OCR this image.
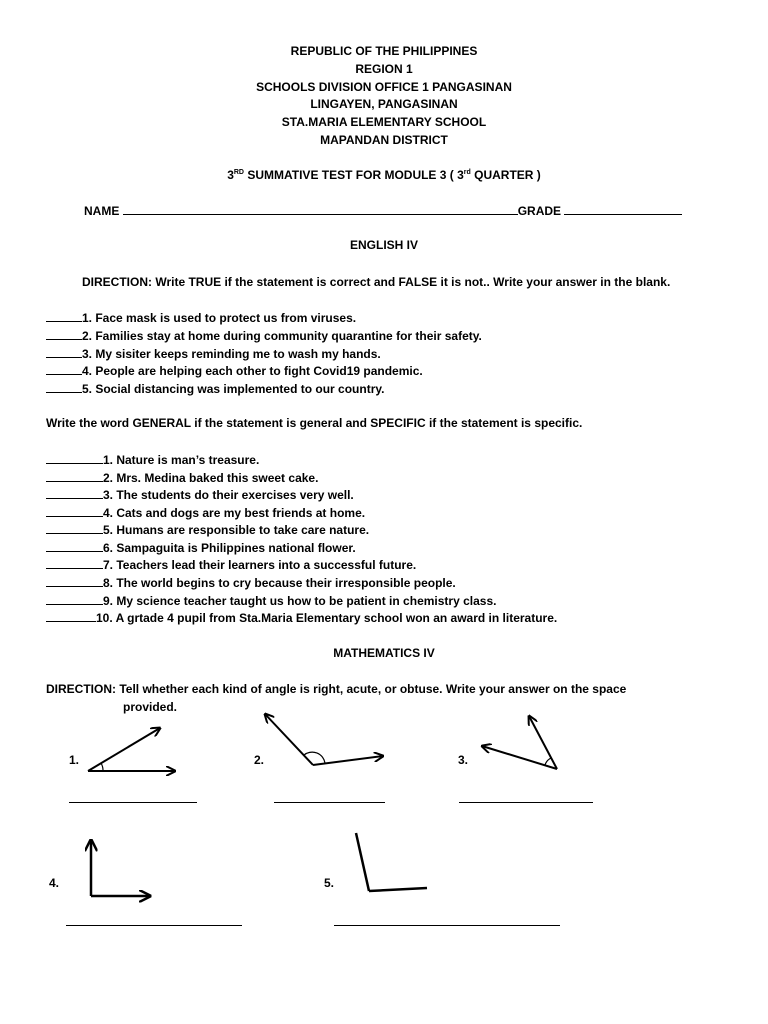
REPUBLIC OF THE PHILIPPINES
REGION 1
SCHOOLS DIVISION OFFICE 1 PANGASINAN
LINGAYEN, PANGASINAN
STA.MARIA ELEMENTARY SCHOOL
MAPANDAN DISTRICT
3RD SUMMATIVE TEST FOR MODULE 3 ( 3rd QUARTER )
NAME	GRADE
ENGLISH IV
DIRECTION: Write TRUE if the statement is correct and FALSE it is not.. Write your answer in the blank.
1. Face mask is used to protect us from viruses.
2. Families stay at home during community quarantine for their safety.
3. My sisiter keeps reminding me to wash my hands.
4. People are helping each other to fight Covid19 pandemic.
5. Social distancing was implemented to our country.
Write the word GENERAL if the statement is general and SPECIFIC if the statement is specific.
1. Nature is man’s treasure.
2. Mrs. Medina baked this sweet cake.
3. The students do their exercises very well.
4. Cats and dogs are my best friends at home.
5. Humans are responsible to take care nature.
6. Sampaguita is Philippines national flower.
7. Teachers lead their learners into a successful future.
8. The world begins to cry because their irresponsible people.
9. My science teacher taught us how to be patient in chemistry class.
10. A grtade 4 pupil from Sta.Maria Elementary school won an award in literature.
MATHEMATICS IV
DIRECTION: Tell whether each kind of angle is right, acute, or obtuse. Write your answer on the space
provided.
1.	2.	3.
4.	5.
